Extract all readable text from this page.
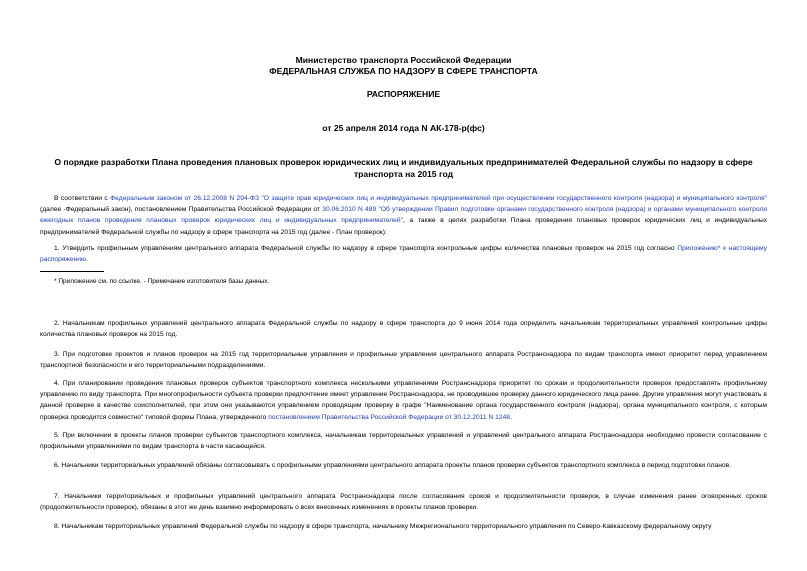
Министерство транспорта Российской Федерации
ФЕДЕРАЛЬНАЯ СЛУЖБА ПО НАДЗОРУ В СФЕРЕ ТРАНСПОРТА
РАСПОРЯЖЕНИЕ
от 25 апреля 2014 года N АК-178-р(фс)
О порядке разработки Плана проведения плановых проверок юридических лиц и индивидуальных предпринимателей Федеральной службы по надзору в сфере
транспорта на 2015 год
В соответствии с Федеральным законом от 26.12.2008 N 294-ФЗ "О защите прав юридических лиц и индивидуальных предпринимателей при осуществлении государственного контроля (надзора) и муниципального контроля" (далее -Федеральный закон), постановлением Правительства Российской Федерации от 30.06.2010 N 489 "Об утверждении Правил подготовки органами государственного контроля (надзора) и органами муниципального контроля ежегодных планов проведения плановых проверок юридических лиц и индивидуальных предпринимателей", а также в целях разработки Плана проведения плановых проверок юридических лиц и индивидуальных предпринимателей Федеральной службы по надзору в сфере транспорта на 2015 год (далее - План проверок):
1. Утвердить профильным управлениям центрального аппарата Федеральной службы по надзору в сфере транспорта контрольные цифры количества плановых проверок на 2015 год согласно Приложению* к настоящему распоряжению.
* Приложение см. по ссылке. - Примечание изготовителя базы данных.
2. Начальникам профильных управлений центрального аппарата Федеральной службы по надзору в сфере транспорта до 9 июня 2014 года определить начальникам территориальных управлений контрольные цифры количества плановых проверок на 2015 год.
3. При подготовке проектов и планов проверок на 2015 год территориальные управления и профильные управления центрального аппарата Ространснадзора по видам транспорта имеют приоритет перед управлением транспортной безопасности и его территориальными подразделениями.
4. При планировании проведения плановых проверок субъектов транспортного комплекса несколькими управлениями Ространснадзора приоритет по срокам и продолжительности проверок предоставлять профильному управлению по виду транспорта. При многопрофильности субъекта проверки предпочтение имеет управление Ространснадзора, не проводившее проверку данного юридического лица ранее. Другие управления могут участвовать в данной проверке в качестве соисполнителей, при этом они указываются управлением проводящим проверку в графе "Наименование органа государственного контроля (надзора), органа муниципального контроля, с которым проверка проводится совместно" типовой формы Плана, утвержденного постановлением Правительства Российской Федерации от 30.12.2011 N 1248.
5. При включении в проекты планов проверки субъектов транспортного комплекса, начальникам территориальных управлений и управлений центрального аппарата Ространснадзора необходимо провести согласование с профильными управлениями по видам транспорта в части касающейся.
6. Начальники территориальных управлений обязаны согласовывать с профильными управлениями центрального аппарата проекты планов проверки субъектов транспортного комплекса в период подготовки планов.
7. Начальники территориальных и профильных управлений центрального аппарата Ространснадзора после согласования сроков и продолжительности проверок, в случае изменения ранее оговоренных сроков (продолжительности проверок), обязаны в этот же день взаимно информировать о всех внесенных изменениях в проекты планов проверки.
8. Начальникам территориальных управлений Федеральной службы по надзору в сфере транспорта, начальнику Межрегионального территориального управления по Северо-Кавказскому федеральному округу
